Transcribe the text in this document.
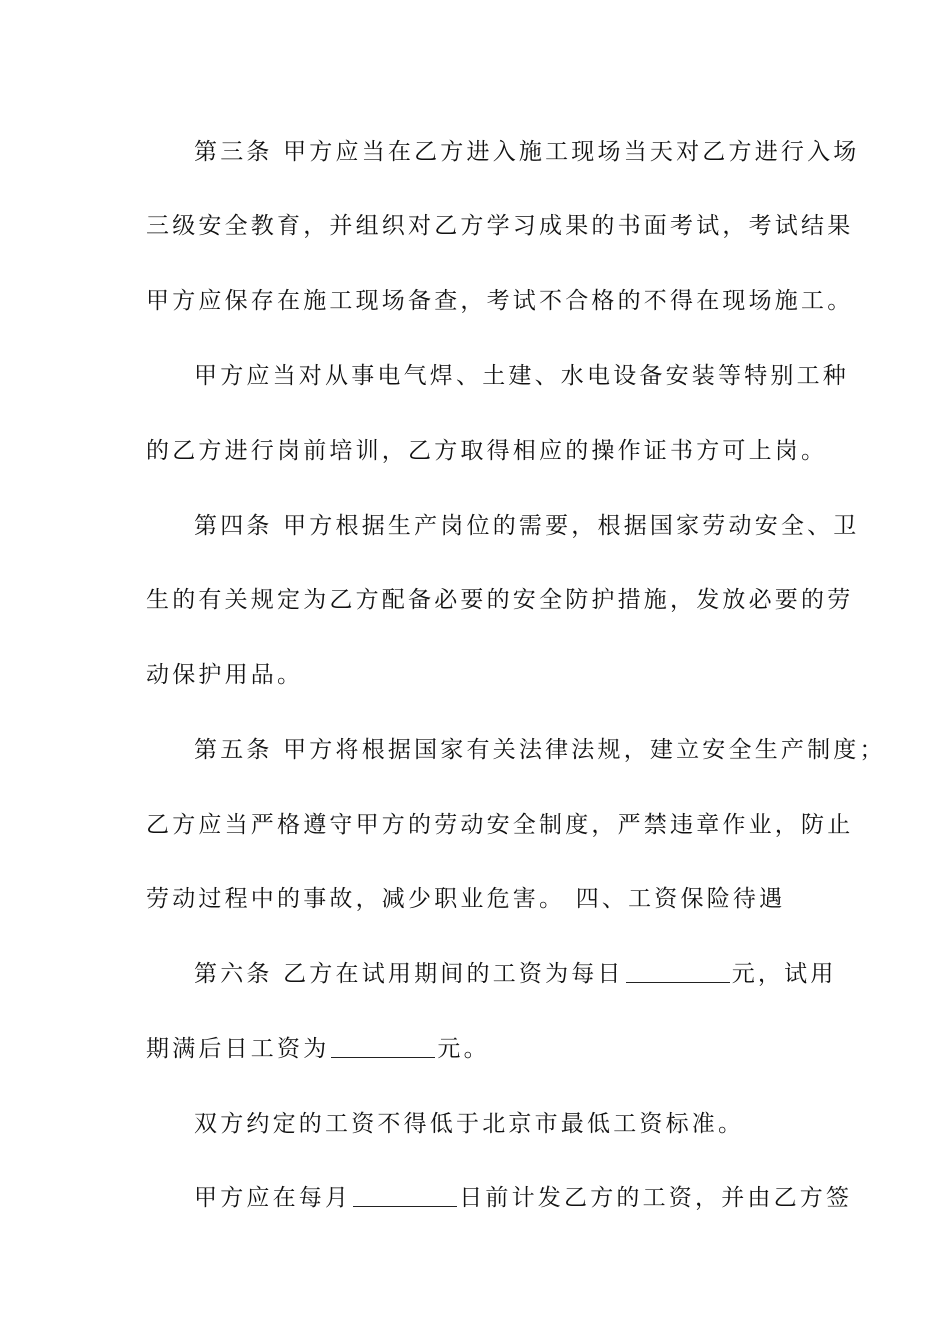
第三条 甲方应当在乙方进入施工现场当天对乙方进行入场
三级安全教育，并组织对乙方学习成果的书面考试，考试结果
甲方应保存在施工现场备查，考试不合格的不得在现场施工。
甲方应当对从事电气焊、土建、水电设备安装等特别工种
的乙方进行岗前培训，乙方取得相应的操作证书方可上岗。
第四条 甲方根据生产岗位的需要，根据国家劳动安全、卫
生的有关规定为乙方配备必要的安全防护措施，发放必要的劳
动保护用品。
第五条 甲方将根据国家有关法律法规，建立安全生产制度；
乙方应当严格遵守甲方的劳动安全制度，严禁违章作业，防止
劳动过程中的事故，减少职业危害。 四、工资保险待遇
第六条 乙方在试用期间的工资为每日	元，试用
期满后日工资为	元。
双方约定的工资不得低于北京市最低工资标准。
甲方应在每月	日前计发乙方的工资，并由乙方签
